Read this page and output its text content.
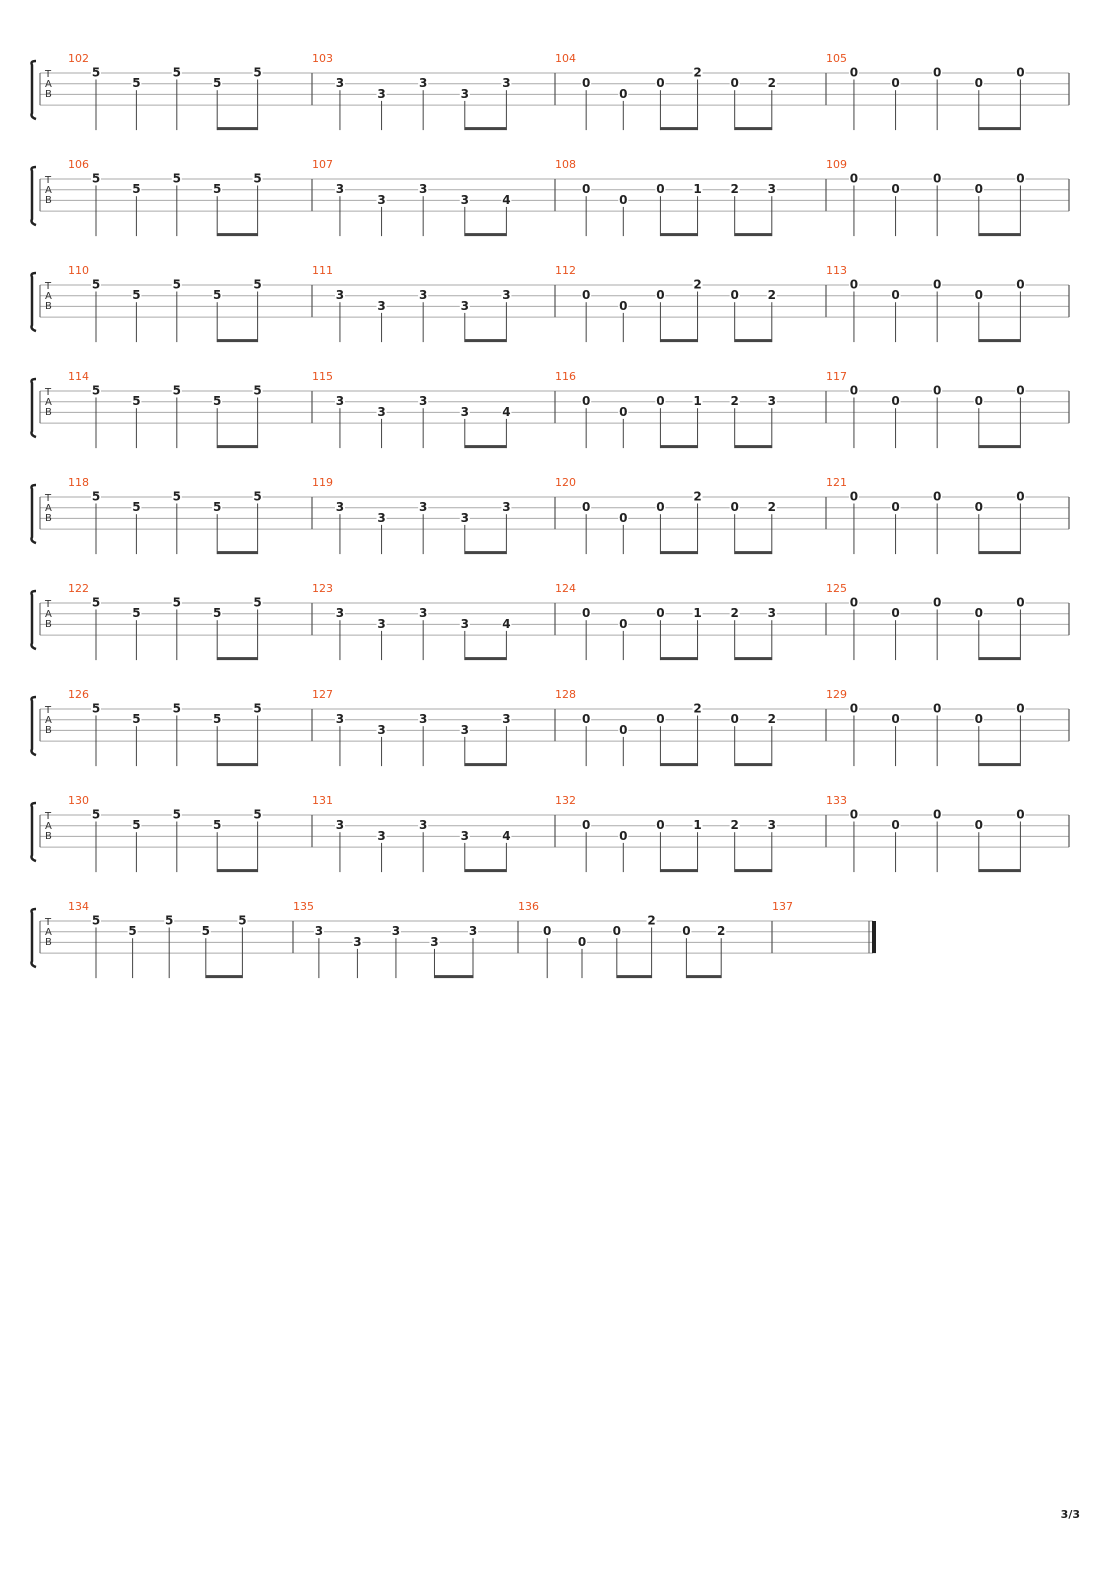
T
A
B
102
5
5
5
5
5
103
3
3
3
3
3
104
0
0
0
2
0 2
105
0
0
0
0
0
T
A
B
106
5
5
5
5
5
107
3
3
3
3	4
108
0
0
0 1 2 3
109
0
0
0
0
0
T
A
B
110
5
5
5
5
5
111
3
3
3
3
3
112
0
0
0
2
0 2
113
0
0
0
0
0
T
A
B
114
5
5
5
5
5
115
3
3
3
3	4
116
0
0
0 1 2 3
117
0
0
0
0
0
T
A
B
118
5
5
5
5
5
119
3
3
3
3
3
120
0
0
0
2
0 2
121
0
0
0
0
0
T
A
B
122
5
5
5
5
5
123
3
3
3
3	4
124
0
0
0 1 2 3
125
0
0
0
0
0
T
A
B
126
5
5
5
5
5
127
3
3
3
3
3
128
0
0
0
2
0 2
129
0
0
0
0
0
T
A
B
130
5
5
5
5
5
131
3
3
3
3	4
132
0
0
0 1 2 3
133
0
0
0
0
0
T
A
B
134
5
5
5
5
5
135
3
3
3
3
3
136
0
0
0
2
0 2
137
3/3
